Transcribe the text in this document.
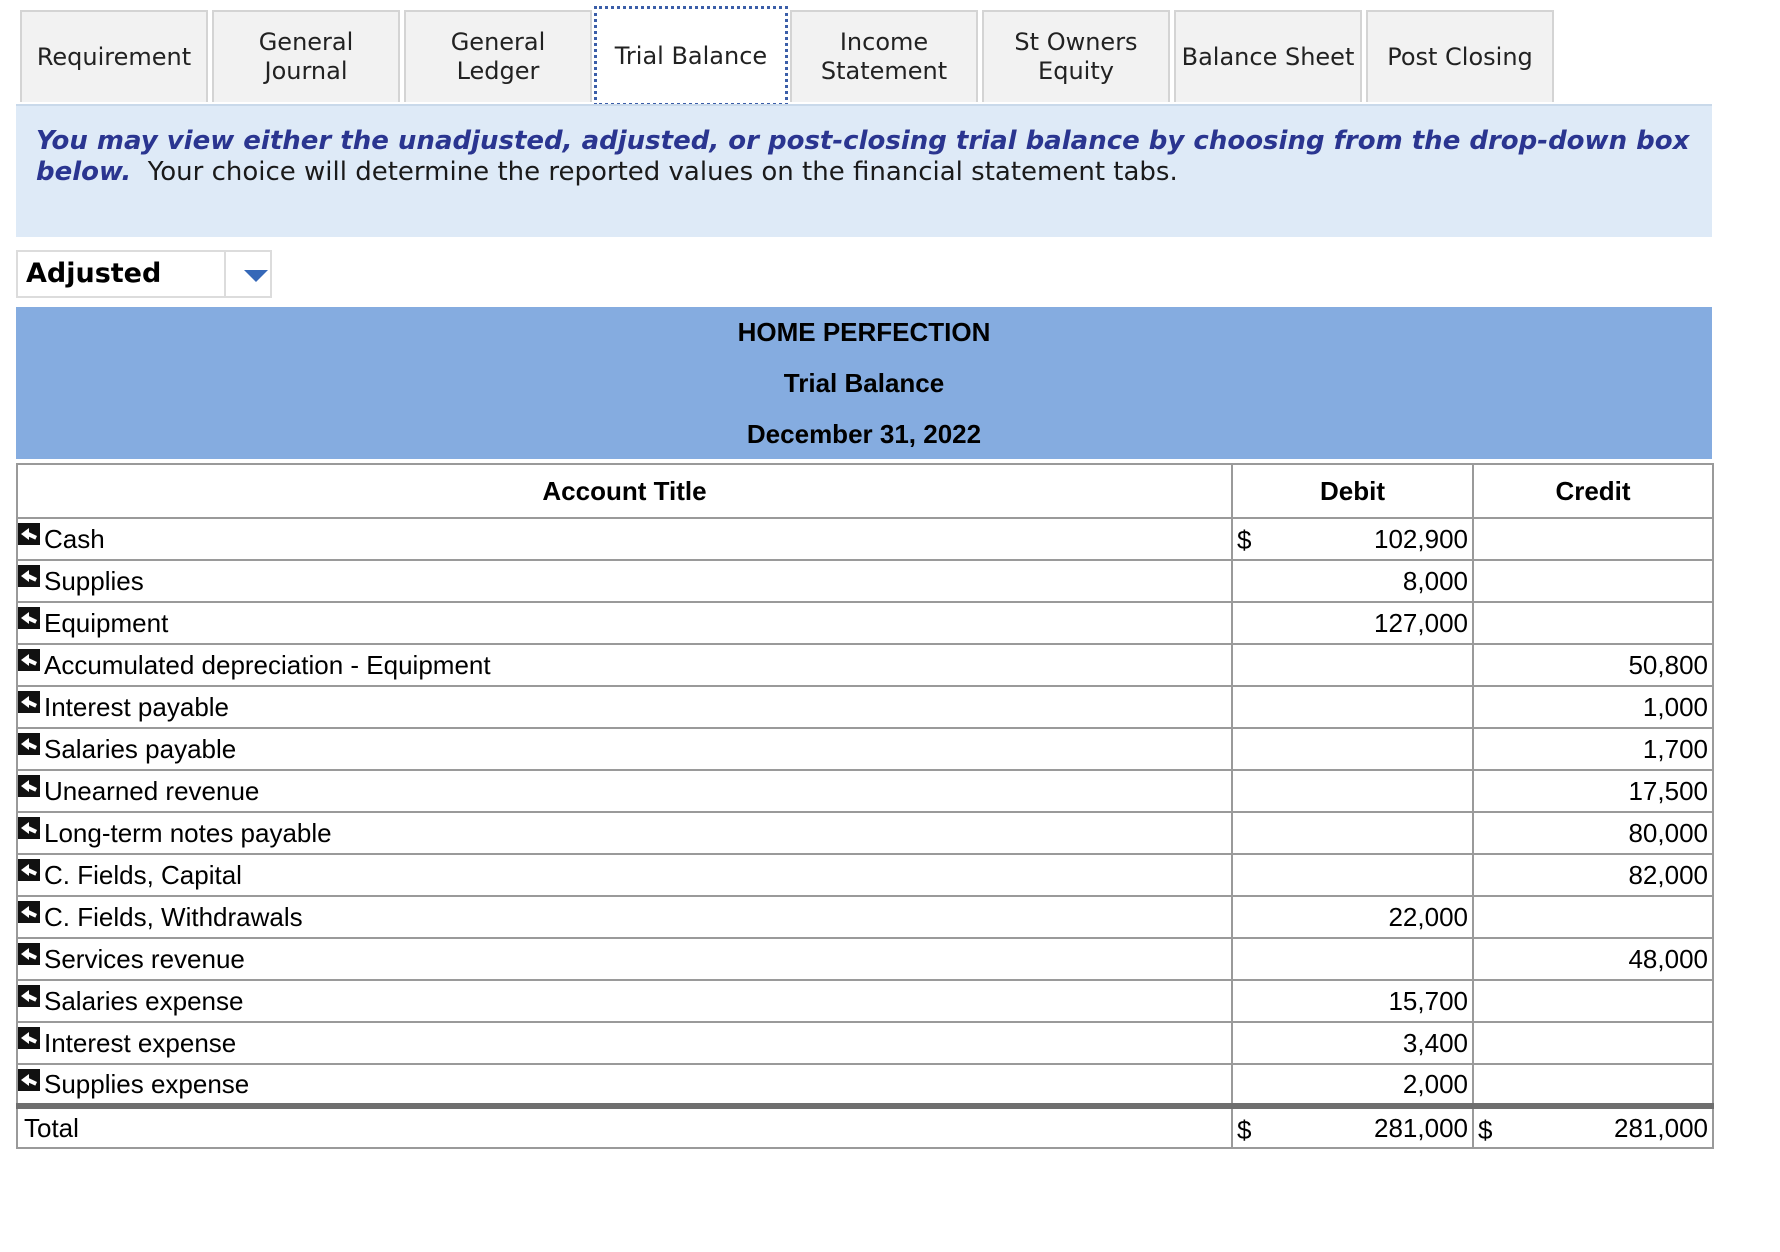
Requirement
General
Journal
General
Ledger
Trial Balance	Income
Statement
St Owners
Equity
Balance Sheet Post Closing
You may view either the unadjusted, adjusted, or post-closing trial balance by choosing from the drop-down box below. Your choice will determine the reported values on the financial statement tabs.
Adjusted
HOME PERFECTION
Trial Balance
December 31, 2022
Account Title	Debit	Credit

Cash	$ 102,900	

Supplies	8,000	

Equipment	127,000	

Accumulated depreciation - Equipment		50,800

Interest payable		1,000

Salaries payable		1,700

Unearned revenue		17,500

Long-term notes payable		80,000

C. Fields, Capital		82,000

C. Fields, Withdrawals	22,000	

Services revenue		48,000

Salaries expense	15,700	

Interest expense	3,400	

Supplies expense	2,000	
Total	$ 281,000	$ 281,000
